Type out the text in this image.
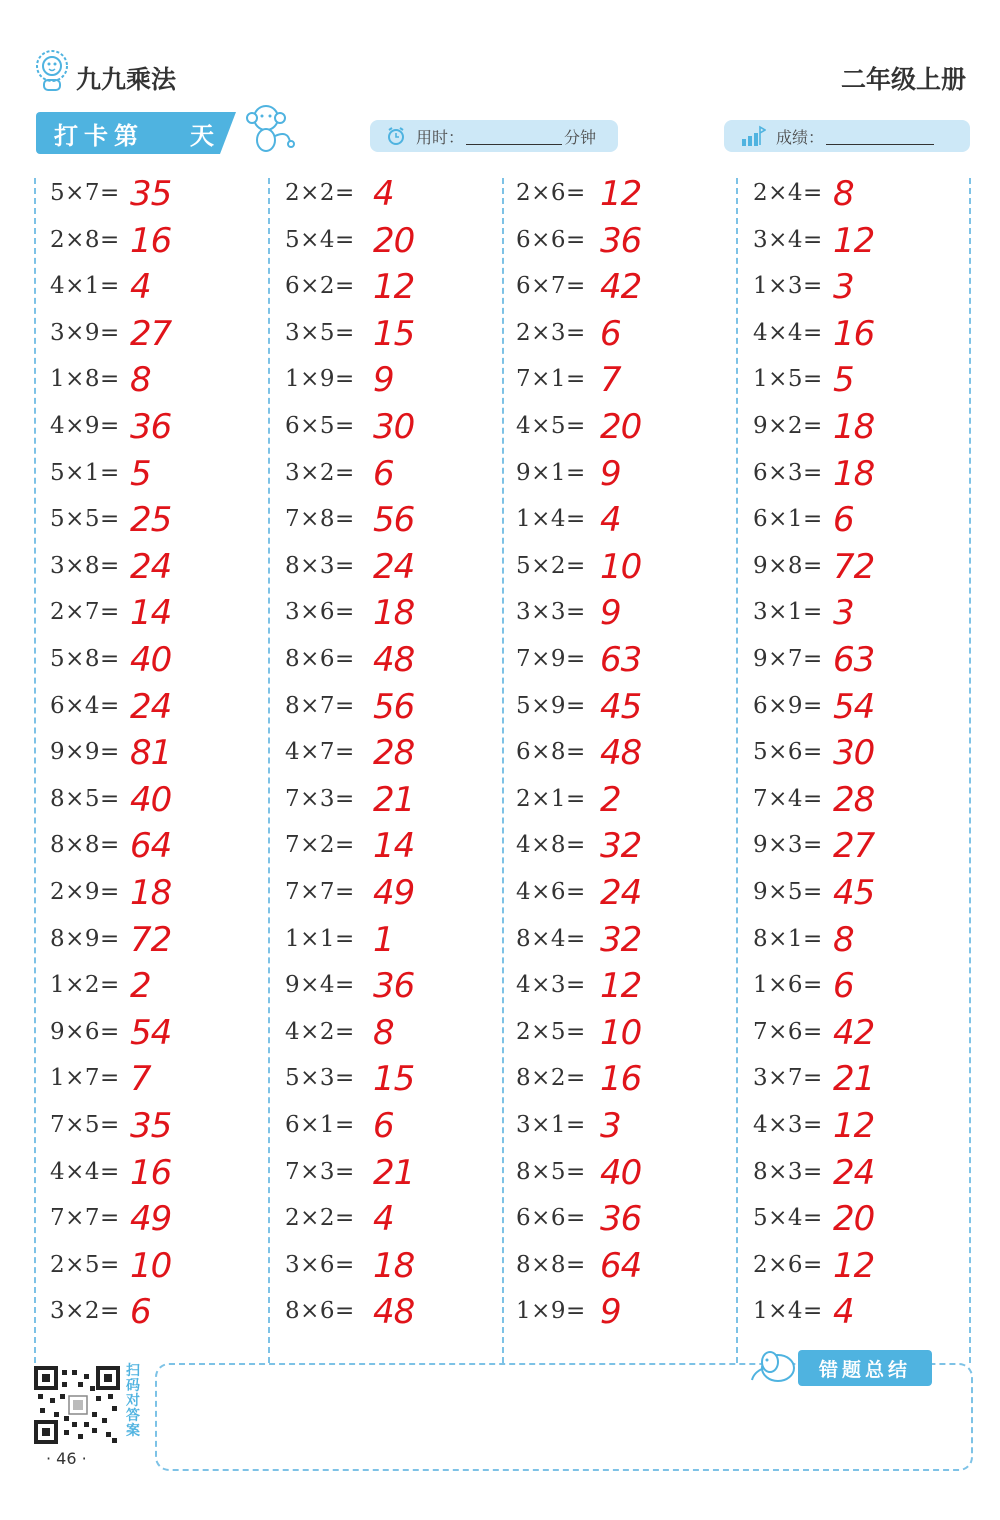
九九乘法	二年级上册
打卡第 天	用时：	分钟	成绩：
5×7= 35
2×8= 16
4×1= 4
3×9= 27
1×8= 8
4×9= 36
5×1= 5
5×5= 25
3×8= 24
2×7= 14
5×8= 40
6×4= 24
9×9= 81
8×5= 40
8×8= 64
2×9= 18
8×9= 72
1×2= 2
9×6= 54
1×7= 7
7×5= 35
4×4= 16
7×7= 49
2×5= 10
3×2= 6
2×2= 4
5×4= 20
6×2= 12
3×5= 15
1×9= 9
6×5= 30
3×2= 6
7×8= 56
8×3= 24
3×6= 18
8×6= 48
8×7= 56
4×7= 28
7×3= 21
7×2= 14
7×7= 49
1×1= 1
9×4= 36
4×2= 8
5×3= 15
6×1= 6
7×3= 21
2×2= 4
3×6= 18
8×6= 48
2×6= 12
6×6= 36
6×7= 42
2×3= 6
7×1= 7
4×5= 20
9×1= 9
1×4= 4
5×2= 10
3×3= 9
7×9= 63
5×9= 45
6×8= 48
2×1= 2
4×8= 32
4×6= 24
8×4= 32
4×3= 12
2×5= 10
8×2= 16
3×1= 3
8×5= 40
6×6= 36
8×8= 64
1×9= 9
2×4= 8
3×4= 12
1×3= 3
4×4= 16
1×5= 5
9×2= 18
6×3= 18
6×1= 6
9×8= 72
3×1= 3
9×7= 63
6×9= 54
5×6= 30
7×4= 28
9×3= 27
9×5= 45
8×1= 8
1×6= 6
7×6= 42
3×7= 21
4×3= 12
8×3= 24
5×4= 20
2×6= 12
1×4= 4
扫码对答案
· 46 ·
错题总结
